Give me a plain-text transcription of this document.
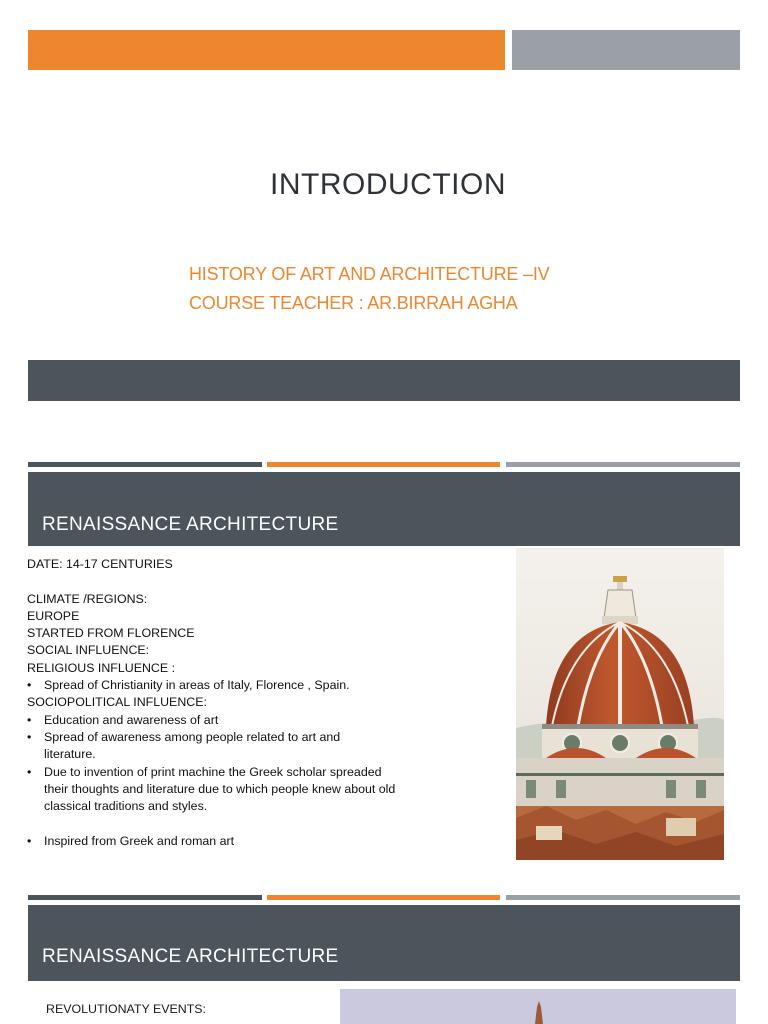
INTRODUCTION
HISTORY OF ART AND ARCHITECTURE –IV
COURSE TEACHER : AR.BIRRAH AGHA
RENAISSANCE ARCHITECTURE
DATE: 14-17 CENTURIES
CLIMATE /REGIONS:
EUROPE
STARTED FROM FLORENCE
SOCIAL INFLUENCE:
RELIGIOUS INFLUENCE :
•	Spread of Christianity in areas of Italy, Florence , Spain.
SOCIOPOLITICAL INFLUENCE:
•	Education and awareness of art
•	Spread of awareness among people related to art and literature.
•	Due to invention of print machine the Greek scholar spreaded their thoughts and literature due to which people knew about old classical traditions and styles.
•	Inspired from Greek and roman art
RENAISSANCE ARCHITECTURE
REVOLUTIONATY EVENTS:
